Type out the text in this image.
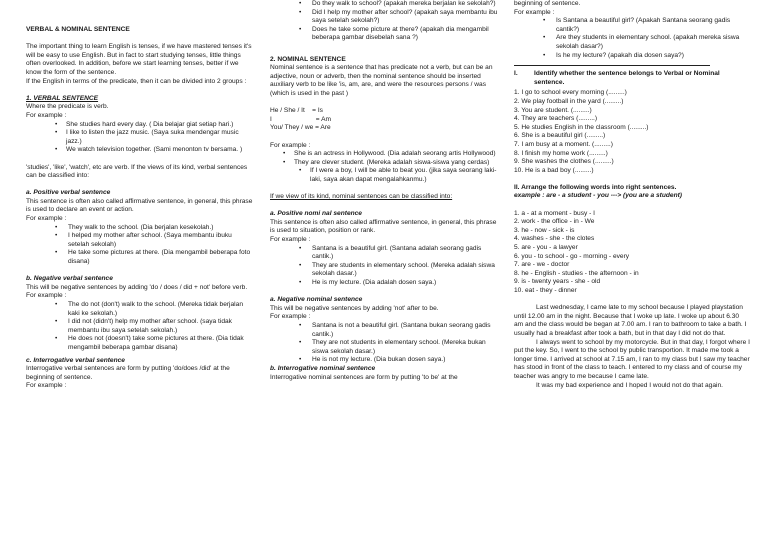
VERBAL & NOMINAL SENTENCE

The important thing to learn English is tenses, if we have mastered tenses it's will be easy to use English. But in fact to start studying tenses, little things often overlooked. In addition, before we start learning tenses, better if we know the form of the sentence.

If the English in terms of the predicate, then it can be divided into 2 groups :

1. VERBAL SENTENCE

Where the predicate is verb.

For example :

• She studies hard every day. ( Dia belajar giat setiap hari.)
• I like to listen the jazz music. (Saya suka mendengar music jazz.)
• We watch television together. (Sami menonton tv bersama. )

'studies', 'like', 'watch', etc are verb. If the views of its kind, verbal sentences can be classified into:

a. Positive verbal sentence

This sentence is often also called affirmative sentence, in general, this phrase is used to declare an event or action.

For example :

• They walk to the school. (Dia berjalan kesekolah.)
• I helped my mother after school. (Saya membantu ibuku setelah sekolah)
• He take some pictures at there. (Dia mengambil beberapa foto disana)

b. Negative verbal sentence

This will be negative sentences by adding 'do / does / did + not' before verb.

For example :

• The do not (don't) walk to the school. (Mereka tidak berjalan kaki ke sekolah.)
• I did not (didn't) help my mother after school. (saya tidak membantu ibu saya setelah sekolah.)
• He does not (doesn't) take some pictures at there. (Dia tidak mengambil beberapa gambar disana)

c. Interrogative verbal sentence

Interrogative verbal sentences are form by putting 'do/does /did' at the beginning of sentence.

For example :

• Do they walk to school? (apakah mereka berjalan ke sekolah?)
• Did I help my mother after school? (apakah saya membantu ibu saya setelah sekolah?)
• Does he take some picture at there? (apakah dia mengambil beberapa gambar disebelah sana ?)

2. NOMINAL SENTENCE

Nominal sentence is a sentence that has predicate not a verb, but can be an adjective, noun or adverb, then the nominal sentence should be inserted auxiliary verb to be like 'is, am, are, and were the resources persons / was (which is used in the past )

He / She / It    = Is

I                        = Am

You/ They / we = Are

For example :

• She is an actress in Hollywood. (Dia adalah seorang artis Hollywood)
• They are clever student. (Mereka adalah siswa-siswa yang cerdas)
• If I were a boy, I will be able to beat you. (jika saya seorang laki-laki, saya akan dapat mengalahkanmu.)

If we view of its kind, nominal sentences can be classified into:

a. Positive nomi nal sentence

This sentence is often also called affirmative sentence, in general, this phrase is used to situation, position or rank.

For example :

• Santana is a beautiful girl. (Santana adalah seorang gadis cantik.)
• They are students in elementary school. (Mereka adalah siswa sekolah dasar.)
• He is my lecture. (Dia adalah dosen saya.)

a. Negative nominal sentence

This will be negative sentences by adding 'not' after to be.

For example :

• Santana is not a beautiful girl. (Santana bukan seorang gadis cantik.)
• They are not students in elementary school. (Mereka bukan siswa sekolah dasar.)
• He is not my lecture. (Dia bukan dosen saya.)

b. Interrogative nominal sentence

Interrogative nominal sentences are form by putting 'to be' at the

beginning of sentence.

For example :

• Is Santana a beautiful girl? (Apakah Santana seorang gadis cantik?)
• Are they students in elementary school. (apakah mereka siswa sekolah dasar?)
• Is he my lecture? (apakah dia dosen saya?)
I.	Identify whether the sentence belongs to Verbal or Nominal sentence.

1. I go to school every morning (.........)

2. We play football in the yard (.........)

3. You are student. (.........)

4. They are teachers (.........)

5. He studies English in the classroom (.........)

6. She is a beautiful girl (.........)

7. I am busy at a moment. (.........)

8. I finish my home work (.........)

9. She washes the clothes (.........)

10. He is a bad boy (.........)

II. Arrange the following words into right sentences.

example : are - a student - you ---> (you are a student)

1. a - at a moment - busy - I

2. work - the office - in - We

3. he - now - sick - is

4. washes - she - the clotes

5. are - you - a lawyer

6. you - to school - go - morning - every

7. are - we - doctor

8. he - English - studies - the afternoon - in

9. is - twenty years - she - old

10. eat - they - dinner

Last wednesday, I came late to my school because I played playstation until 12.00 am in the night. Because that I woke up late. I woke up about 6.30 am and the class would be began at 7.00 am. I ran to bathroom to take a bath. I usually had a breakfast after took a bath, but in that day I did not do that.

I always went to school by my motorcycle. But in that day, I forgot where I put the key. So, I went to the school by public transportion. It made me took a longer time. I arrived at school at 7.15 am, I ran to my class but I saw my teacher has stood in front of the class to teach. I entered to my class and of course my teacher was angry to me because I came late.

It was my bad experience and I hoped I would not do that again.
